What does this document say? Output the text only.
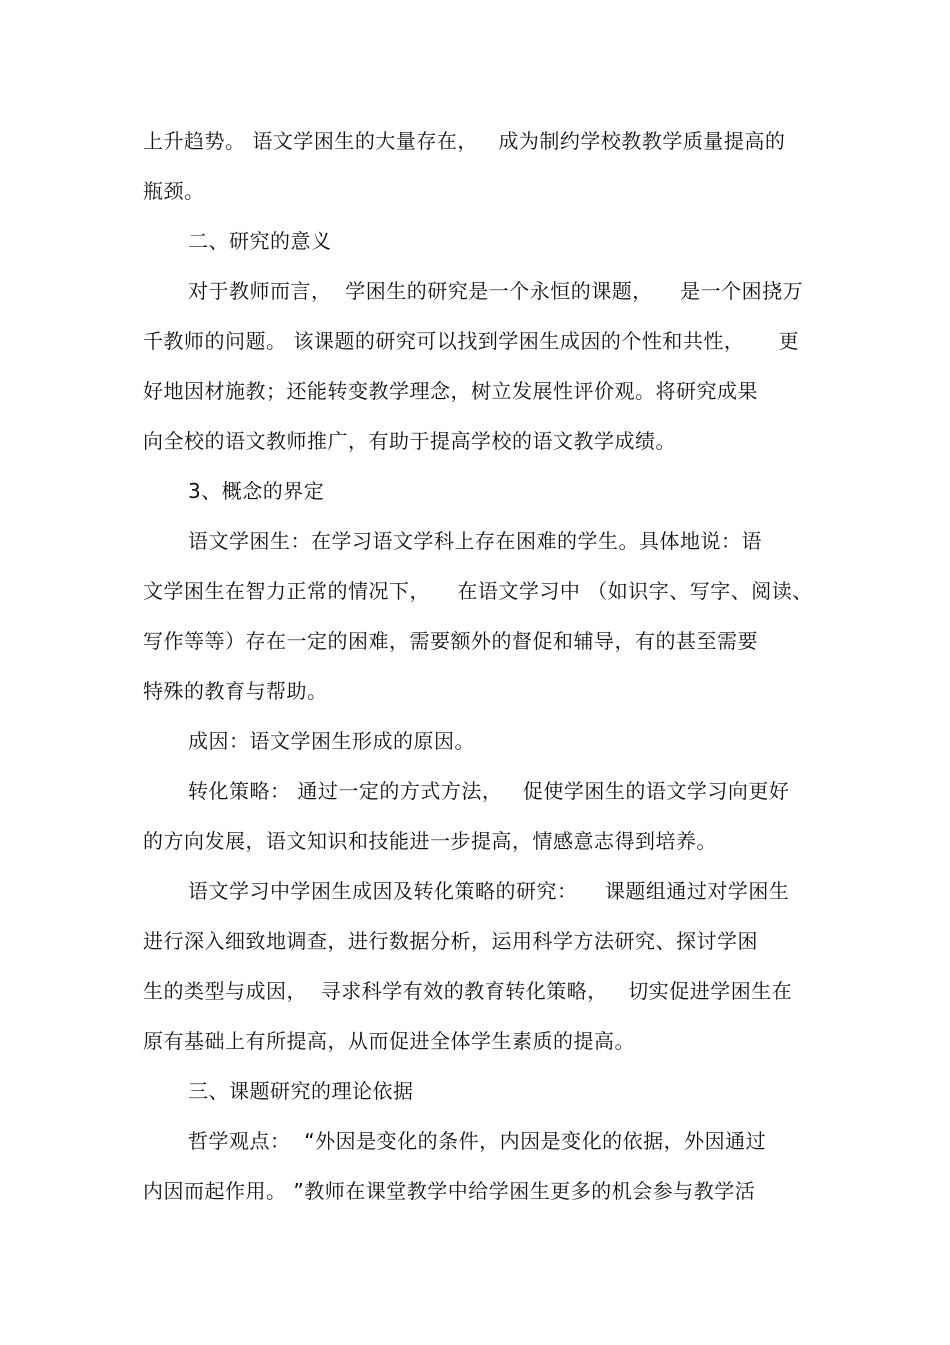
上升趋势。 语文学困生的大量存在，   成为制约学校教教学质量提高的
瓶颈。
二、研究的意义
对于教师而言，  学困生的研究是一个永恒的课题，    是一个困挠万
千教师的问题。 该课题的研究可以找到学困生成因的个性和共性，     更
好地因材施教；还能转变教学理念，树立发展性评价观。将研究成果
向全校的语文教师推广，有助于提高学校的语文教学成绩。
3、概念的界定
语文学困生：在学习语文学科上存在困难的学生。具体地说：语
文学困生在智力正常的情况下，    在语文学习中 （如识字、写字、阅读、
写作等等）存在一定的困难，需要额外的督促和辅导，有的甚至需要
特殊的教育与帮助。
成因：语文学困生形成的原因。
转化策略： 通过一定的方式方法，   促使学困生的语文学习向更好
的方向发展，语文知识和技能进一步提高，情感意志得到培养。
语文学习中学困生成因及转化策略的研究：    课题组通过对学困生
进行深入细致地调查，进行数据分析，运用科学方法研究、探讨学困
生的类型与成因，  寻求科学有效的教育转化策略，   切实促进学困生在
原有基础上有所提高，从而促进全体学生素质的提高。
三、课题研究的理论依据
哲学观点：  “外因是变化的条件，内因是变化的依据，外因通过
内因而起作用。 ”教师在课堂教学中给学困生更多的机会参与教学活
